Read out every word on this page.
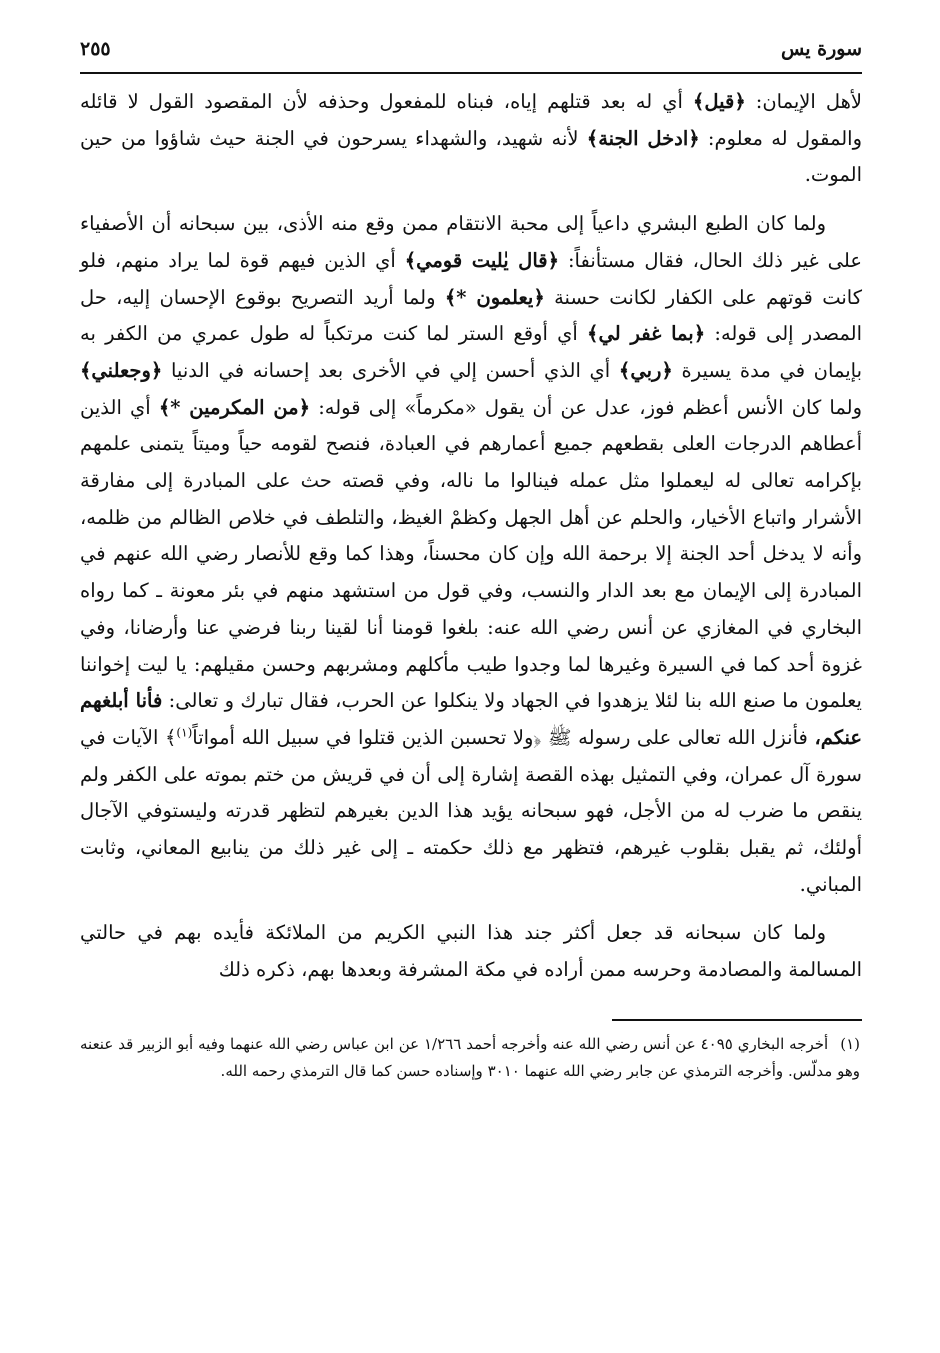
سورة يس
٢٥٥

لأهل الإيمان: ﴿قيل﴾ أي له بعد قتلهم إياه، فبناه للمفعول وحذفه لأن المقصود القول لا قائله والمقول له معلوم: ﴿ادخل الجنة﴾ لأنه شهيد، والشهداء يسرحون في الجنة حيث شاؤوا من حين الموت.

ولما كان الطبع البشري داعياً إلى محبة الانتقام ممن وقع منه الأذى، بين سبحانه أن الأصفياء على غير ذلك الحال، فقال مستأنفاً: ﴿قال يٰليت قومي﴾ أي الذين فيهم قوة لما يراد منهم، فلو كانت قوتهم على الكفار لكانت حسنة ﴿يعلمون *﴾ ولما أريد التصريح بوقوع الإحسان إليه، حل المصدر إلى قوله: ﴿بما غفر لي﴾ أي أوقع الستر لما كنت مرتكباً له طول عمري من الكفر به بإيمان في مدة يسيرة ﴿ربي﴾ أي الذي أحسن إلي في الأخرى بعد إحسانه في الدنيا ﴿وجعلني﴾ ولما كان الأنس أعظم فوز، عدل عن أن يقول «مكرماً» إلى قوله: ﴿من المكرمين *﴾ أي الذين أعطاهم الدرجات العلى بقطعهم جميع أعمارهم في العبادة، فنصح لقومه حياً وميتاً يتمنى علمهم بإكرامه تعالى له ليعملوا مثل عمله فينالوا ما ناله، وفي قصته حث على المبادرة إلى مفارقة الأشرار واتباع الأخيار، والحلم عن أهل الجهل وكظمْ الغيظ، والتلطف في خلاص الظالم من ظلمه، وأنه لا يدخل أحد الجنة إلا برحمة الله وإن كان محسناً، وهذا كما وقع للأنصار رضي الله عنهم في المبادرة إلى الإيمان مع بعد الدار والنسب، وفي قول من استشهد منهم في بئر معونة ـ كما رواه البخاري في المغازي عن أنس رضي الله عنه: بلغوا قومنا أنا لقينا ربنا فرضي عنا وأرضانا، وفي غزوة أحد كما في السيرة وغيرها لما وجدوا طيب مأكلهم ومشربهم وحسن مقيلهم: يا ليت إخواننا يعلمون ما صنع الله بنا لئلا يزهدوا في الجهاد ولا ينكلوا عن الحرب، فقال تبارك و تعالى: فأنا أبلغهم عنكم، فأنزل الله تعالى على رسوله ﷺ ﴿ولا تحسبن الذين قتلوا في سبيل الله أمواتاً$^{(١)}$﴾ الآيات في سورة آل عمران، وفي التمثيل بهذه القصة إشارة إلى أن في قريش من ختم بموته على الكفر ولم ينقص ما ضرب له من الأجل، فهو سبحانه يؤيد هذا الدين بغيرهم لتظهر قدرته وليستوفي الآجال أولئك، ثم يقبل بقلوب غيرهم، فتظهر مع ذلك حكمته ـ إلى غير ذلك من ينابيع المعاني، وثابت المباني.

ولما كان سبحانه قد جعل أكثر جند هذا النبي الكريم من الملائكة فأيده بهم في حالتي المسالمة والمصادمة وحرسه ممن أراده في مكة المشرفة وبعدها بهم، ذكره ذلك

(١)أخرجه البخاري ٤٠٩٥ عن أنس رضي الله عنه وأخرجه أحمد ١/٢٦٦ عن ابن عباس رضي الله عنهما وفيه أبو الزبير قد عنعنه وهو مدلّس. وأخرجه الترمذي عن جابر رضي الله عنهما ٣٠١٠ وإسناده حسن كما قال الترمذي رحمه الله.
